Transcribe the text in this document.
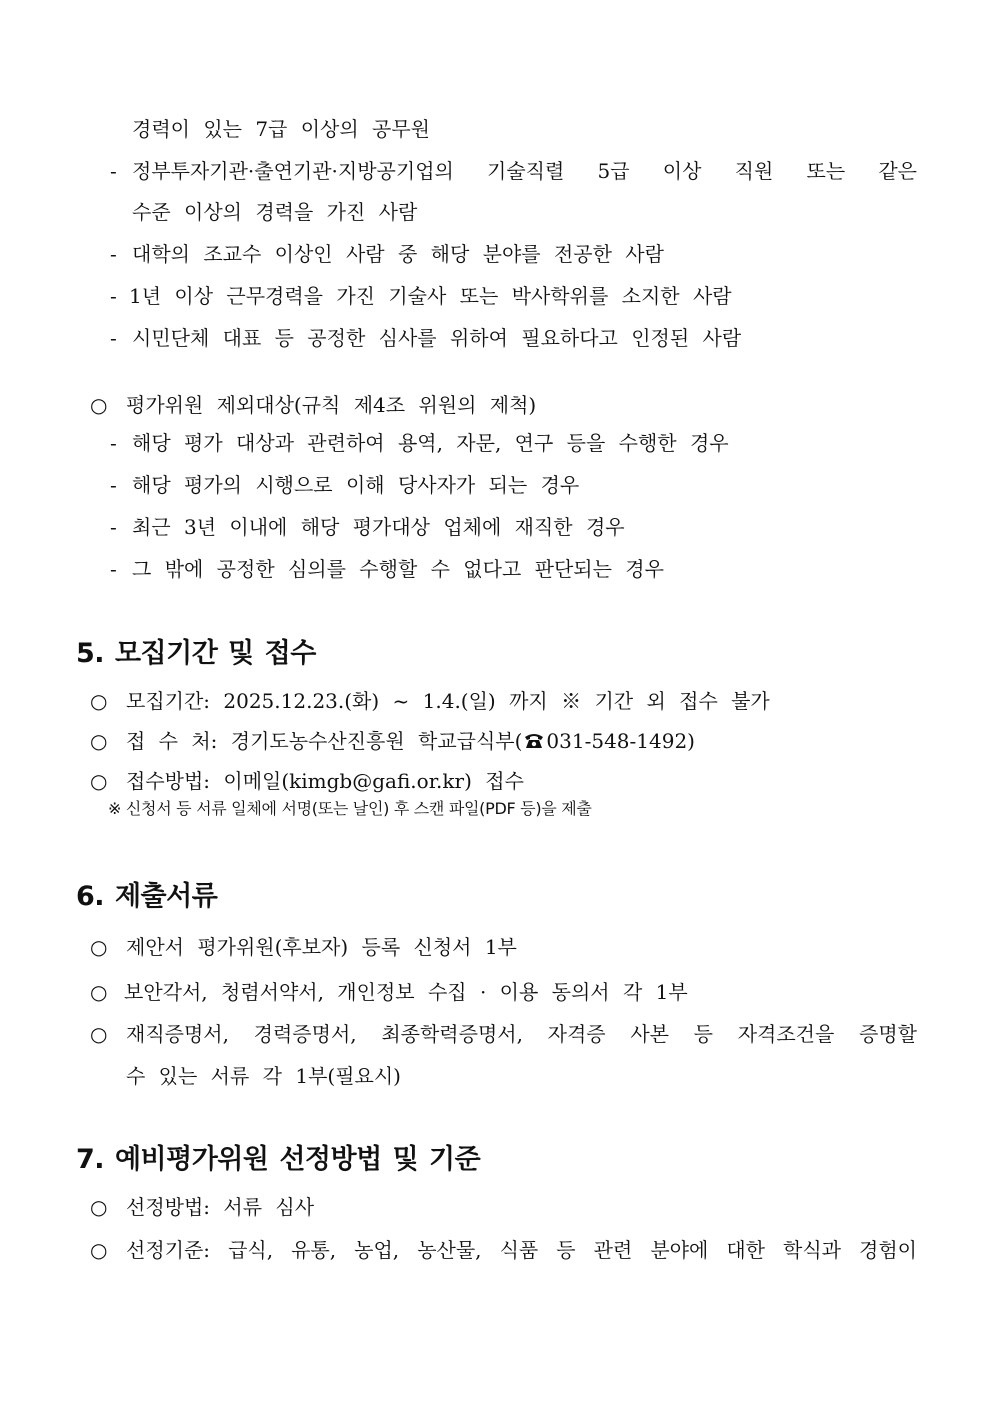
경력이 있는 7급 이상의 공무원
- 정부투자기관·출연기관·지방공기업의 기술직렬 5급 이상 직원 또는 같은
수준 이상의 경력을 가진 사람
- 대학의 조교수 이상인 사람 중 해당 분야를 전공한 사람
- 1년 이상 근무경력을 가진 기술사 또는 박사학위를 소지한 사람
- 시민단체 대표 등 공정한 심사를 위하여 필요하다고 인정된 사람
○ 평가위원 제외대상(규칙 제4조 위원의 제척)
- 해당 평가 대상과 관련하여 용역, 자문, 연구 등을 수행한 경우
- 해당 평가의 시행으로 이해 당사자가 되는 경우
- 최근 3년 이내에 해당 평가대상 업체에 재직한 경우
- 그 밖에 공정한 심의를 수행할 수 없다고 판단되는 경우
5. 모집기간 및 접수
○ 모집기간: 2025.12.23.(화) ~ 1.4.(일) 까지 ※ 기간 외 접수 불가
○ 접 수 처: 경기도농수산진흥원 학교급식부( 031-548-1492)
○ 접수방법: 이메일(kimgb@gafi.or.kr) 접수
※ 신청서 등 서류 일체에 서명(또는 날인) 후 스캔 파일(PDF 등)을 제출
6. 제출서류
○ 제안서 평가위원(후보자) 등록 신청서 1부
○ 보안각서, 청렴서약서, 개인정보 수집 · 이용 동의서 각 1부
○ 재직증명서, 경력증명서, 최종학력증명서, 자격증 사본 등 자격조건을 증명할
수 있는 서류 각 1부(필요시)
7. 예비평가위원 선정방법 및 기준
○ 선정방법: 서류 심사
○ 선정기준: 급식, 유통, 농업, 농산물, 식품 등 관련 분야에 대한 학식과 경험이
